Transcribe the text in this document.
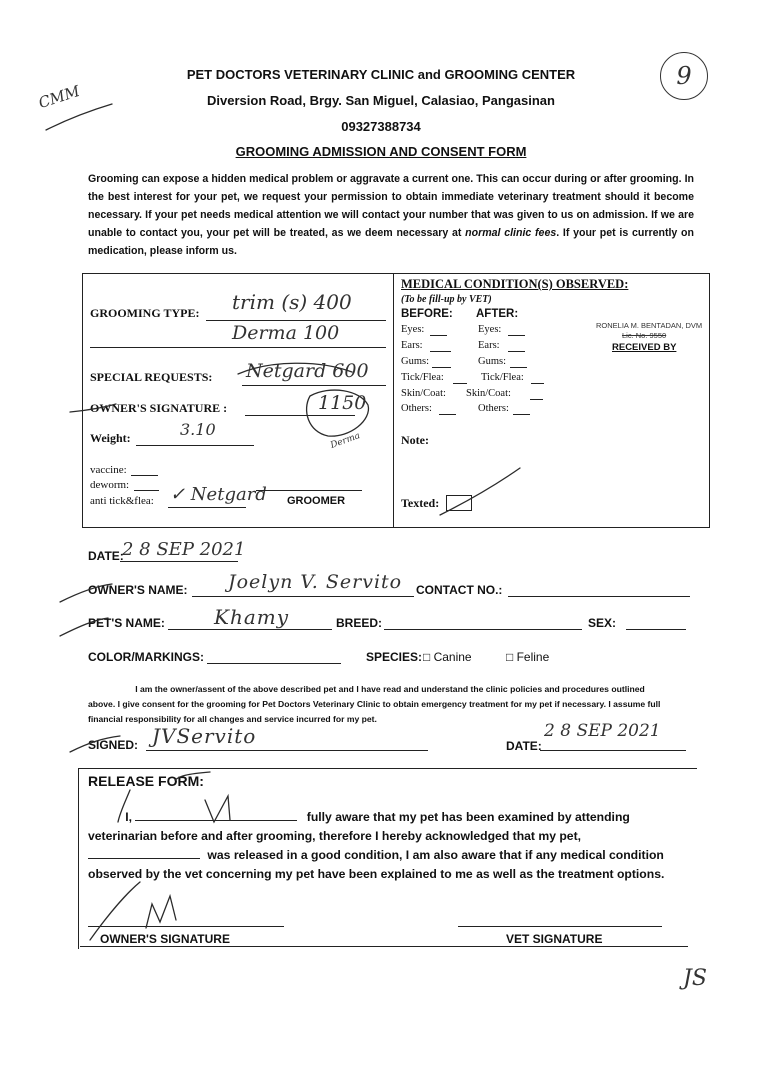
CMM
9
JS
PET DOCTORS VETERINARY CLINIC and GROOMING CENTER
Diversion Road, Brgy. San Miguel, Calasiao, Pangasinan
09327388734
GROOMING ADMISSION AND CONSENT FORM
Grooming can expose a hidden medical problem or aggravate a current one. This can occur during or after grooming. In the best interest for your pet, we request your permission to obtain immediate veterinary treatment should it become necessary. If your pet needs medical attention we will contact your number that was given to us on admission. If we are unable to contact you, your pet will be treated, as we deem necessary at normal clinic fees. If your pet is currently on medication, please inform us.
GROOMING TYPE: trim (s) 400
Derma 100
SPECIAL REQUESTS: Netgard 600
OWNER'S SIGNATURE :	1150
Weight:	3.10
Derma
vaccine:
deworm:
anti tick&flea: ✓ Netgard GROOMER
MEDICAL CONDITION(S) OBSERVED:
(To be fill-up by VET)
BEFORE: AFTER:
Eyes:	Eyes:
Ears:	Ears:
Gums:	Gums:
Tick/Flea:	Tick/Flea:
Skin/Coat: Skin/Coat:
Others:	Others:
RONELIA M. BENTADAN, DVM
Lic. No. 9550
RECEIVED BY
Note:
Texted:
DATE:
2 8 SEP 2021
OWNER'S NAME: Joelyn V. Servito CONTACT NO.:
PET'S NAME: Khamy	BREED:	SEX:
COLOR/MARKINGS:	SPECIES: □ Canine	□ Feline
I am the owner/assent of the above described pet and I have read and understand the clinic policies and procedures outlined
above. I give consent for the grooming for Pet Doctors Veterinary Clinic to obtain emergency treatment for my pet if necessary. I assume full
financial responsibility for all changes and service incurred for my pet.
SIGNED: JVServito	DATE:
2 8 SEP 2021
RELEASE FORM:
I,	fully aware that my pet has been examined by attending
veterinarian before and after grooming, therefore I hereby acknowledged that my pet,
was released in a good condition, I am also aware that if any medical condition
observed by the vet concerning my pet have been explained to me as well as the treatment options.
OWNER'S SIGNATURE	VET SIGNATURE
